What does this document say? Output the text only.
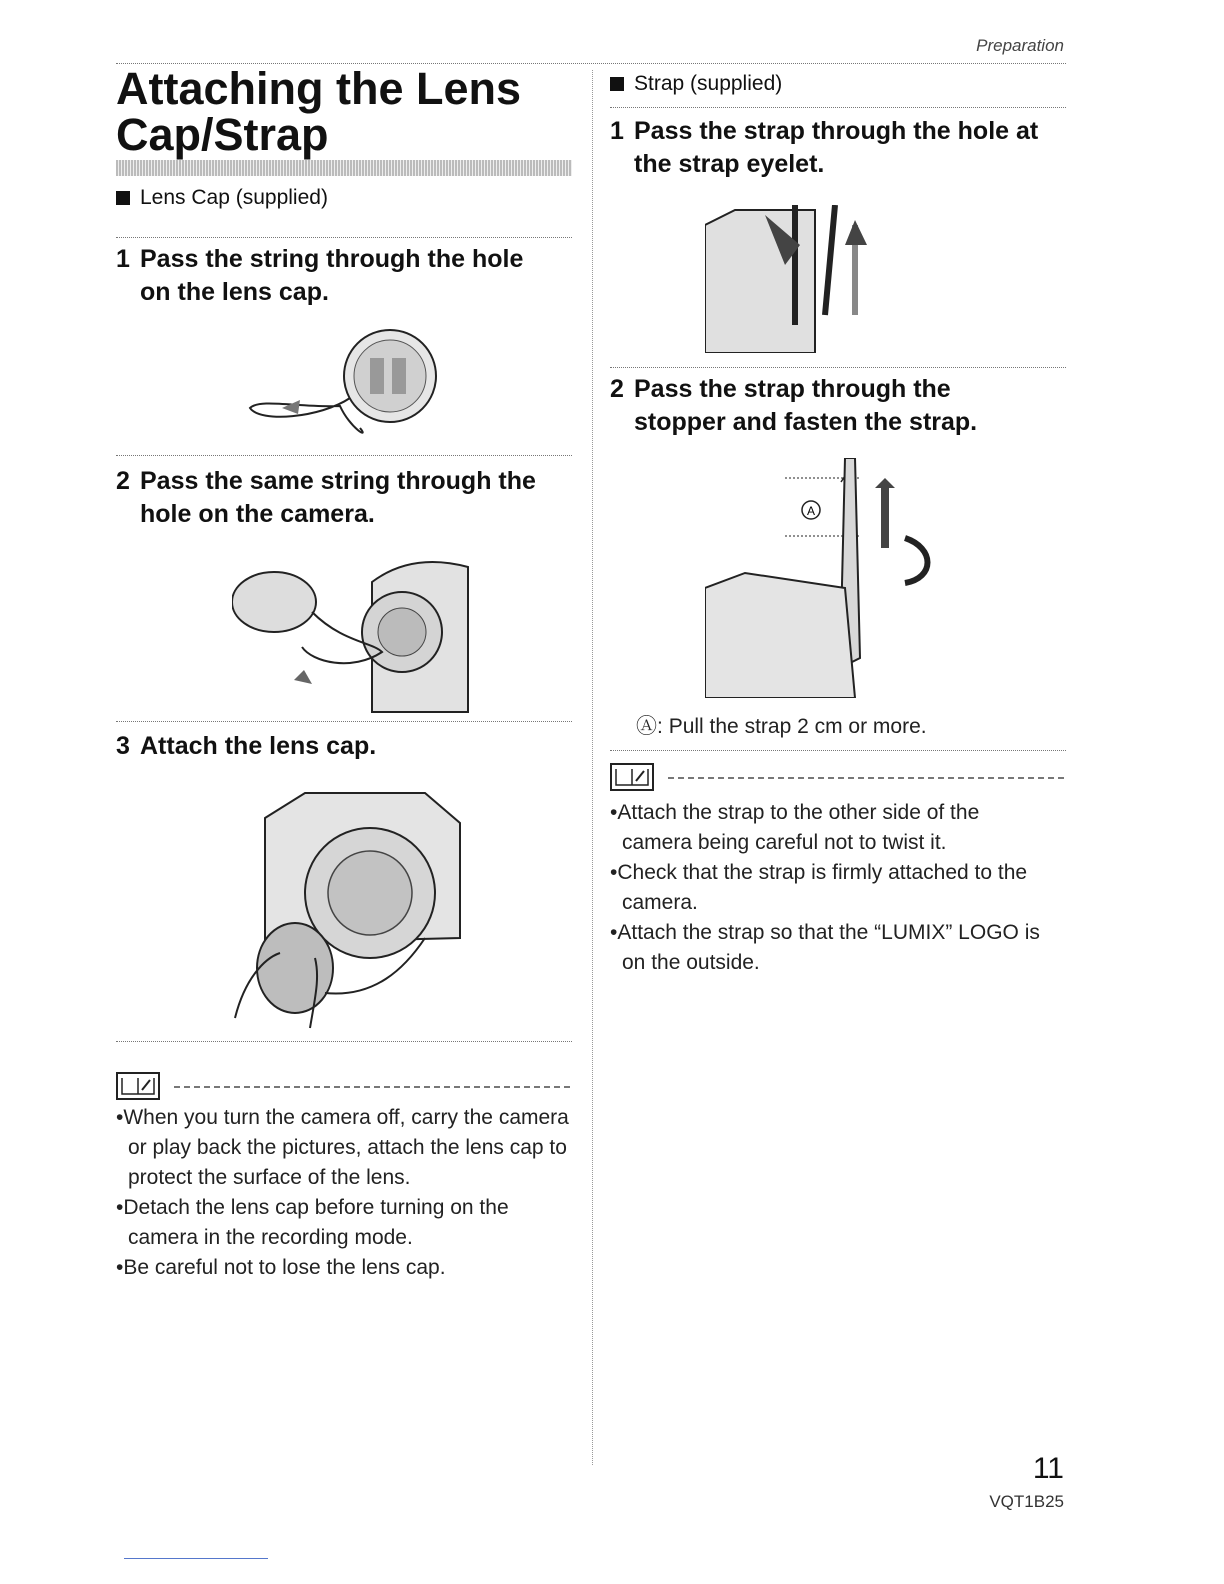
Preparation
Attaching the Lens
Cap/Strap
Lens Cap (supplied)
1 Pass the string through the hole
on the lens cap.
2 Pass the same string through the
hole on the camera.
3 Attach the lens cap.
•When you turn the camera off, carry the camera or play back the pictures, attach the lens cap to protect the surface of the lens.
•Detach the lens cap before turning on the camera in the recording mode.
•Be careful not to lose the lens cap.
Strap (supplied)
1 Pass the strap through the hole at
the strap eyelet.
2 Pass the strap through the
stopper and fasten the strap.
A
Ⓐ: Pull the strap 2 cm or more.
•Attach the strap to the other side of the camera being careful not to twist it.
•Check that the strap is firmly attached to the camera.
•Attach the strap so that the “LUMIX” LOGO is on the outside.
11
VQT1B25
